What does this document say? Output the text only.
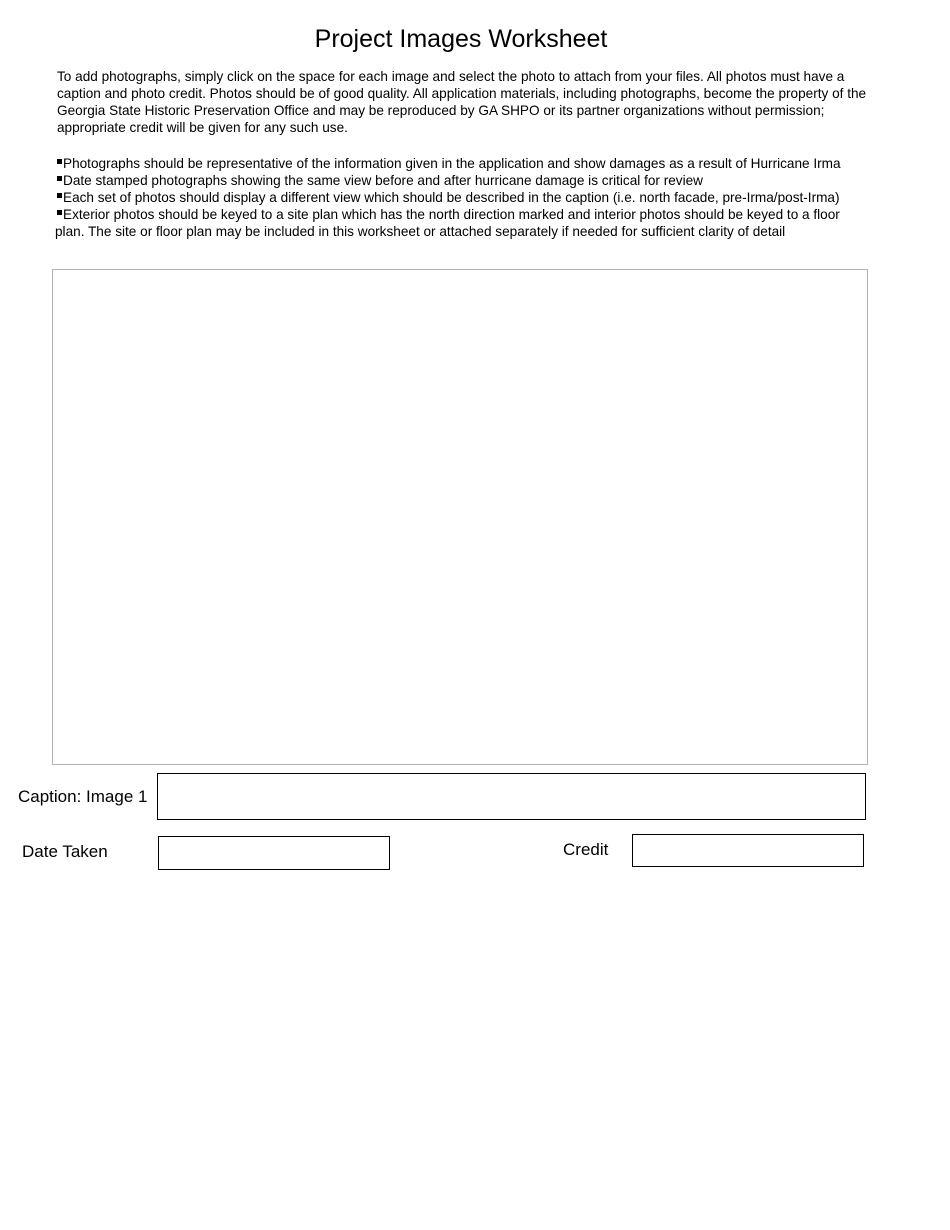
Project Images Worksheet
To add photographs, simply click on the space for each image and select the photo to attach from your files. All photos must have a caption and photo credit. Photos should be of good quality. All application materials, including photographs, become the property of the Georgia State Historic Preservation Office and may be reproduced by GA SHPO or its partner organizations without permission; appropriate credit will be given for any such use.
Photographs should be representative of the information given in the application and show damages as a result of Hurricane Irma
Date stamped photographs showing the same view before and after hurricane damage is critical for review
Each set of photos should display a different view which should be described in the caption (i.e. north facade, pre-Irma/post-Irma)
Exterior photos should be keyed to a site plan which has the north direction marked and interior photos should be keyed to a floor plan. The site or floor plan may be included in this worksheet or attached separately if needed for sufficient clarity of detail
Caption: Image 1
Date Taken	Credit
